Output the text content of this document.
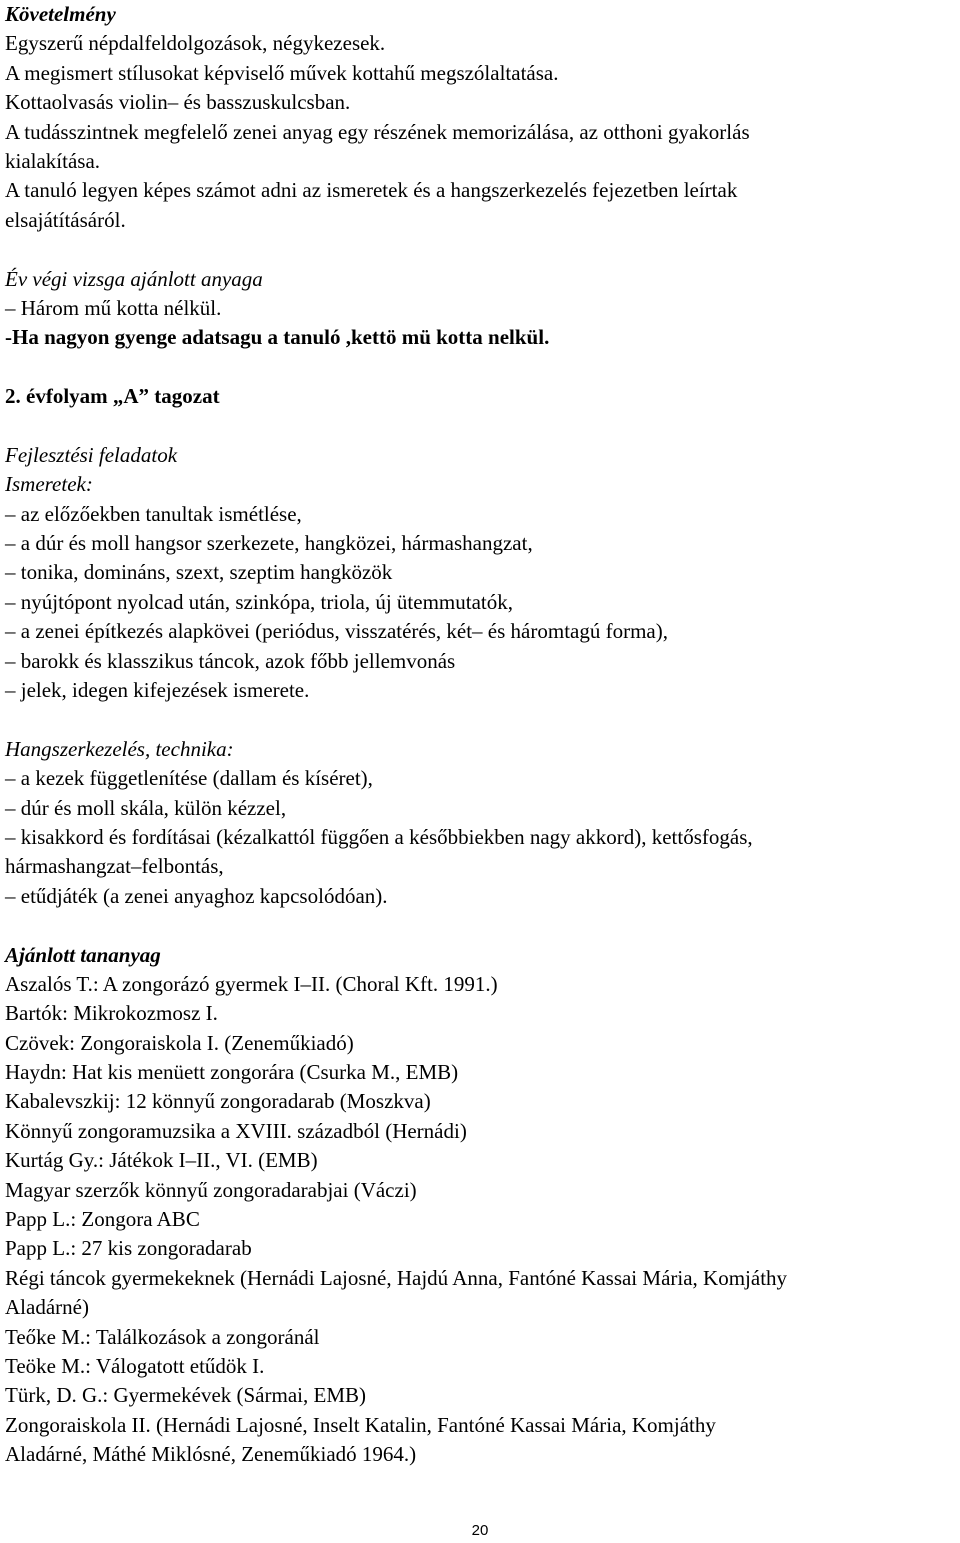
Követelmény
Egyszerű népdalfeldolgozások, négykezesek.
A megismert stílusokat képviselő művek kottahű megszólaltatása.
Kottaolvasás violin– és basszuskulcsban.
A tudásszintnek megfelelő zenei anyag egy részének memorizálása, az otthoni gyakorlás
kialakítása.
A tanuló legyen képes számot adni az ismeretek és a hangszerkezelés fejezetben leírtak
elsajátításáról.
Év végi vizsga ajánlott anyaga
– Három mű kotta nélkül.
-Ha nagyon gyenge adatsagu a tanuló ,kettö mü kotta nelkül.
2. évfolyam „A” tagozat
Fejlesztési feladatok
Ismeretek:
– az előzőekben tanultak ismétlése,
– a dúr és moll hangsor szerkezete, hangközei, hármashangzat,
– tonika, domináns, szext, szeptim hangközök
– nyújtópont nyolcad után, szinkópa, triola, új ütemmutatók,
– a zenei építkezés alapkövei (periódus, visszatérés, két– és háromtagú forma),
– barokk és klasszikus táncok, azok főbb jellemvonás
– jelek, idegen kifejezések ismerete.
Hangszerkezelés, technika:
– a kezek függetlenítése (dallam és kíséret),
– dúr és moll skála, külön kézzel,
– kisakkord és fordításai (kézalkattól függően a későbbiekben nagy akkord), kettősfogás,
hármashangzat–felbontás,
– etűdjáték (a zenei anyaghoz kapcsolódóan).
Ajánlott tananyag
Aszalós T.: A zongorázó gyermek I–II. (Choral Kft. 1991.)
Bartók: Mikrokozmosz I.
Czövek: Zongoraiskola I. (Zeneműkiadó)
Haydn: Hat kis menüett zongorára (Csurka M., EMB)
Kabalevszkij: 12 könnyű zongoradarab (Moszkva)
Könnyű zongoramuzsika a XVIII. századból (Hernádi)
Kurtág Gy.: Játékok I–II., VI. (EMB)
Magyar szerzők könnyű zongoradarabjai (Váczi)
Papp L.: Zongora ABC
Papp L.: 27 kis zongoradarab
Régi táncok gyermekeknek (Hernádi Lajosné, Hajdú Anna, Fantóné Kassai Mária, Komjáthy
Aladárné)
Teőke M.: Találkozások a zongoránál
Teöke M.: Válogatott etűdök I.
Türk, D. G.: Gyermekévek (Sármai, EMB)
Zongoraiskola II. (Hernádi Lajosné, Inselt Katalin, Fantóné Kassai Mária, Komjáthy
Aladárné, Máthé Miklósné, Zeneműkiadó 1964.)
20
